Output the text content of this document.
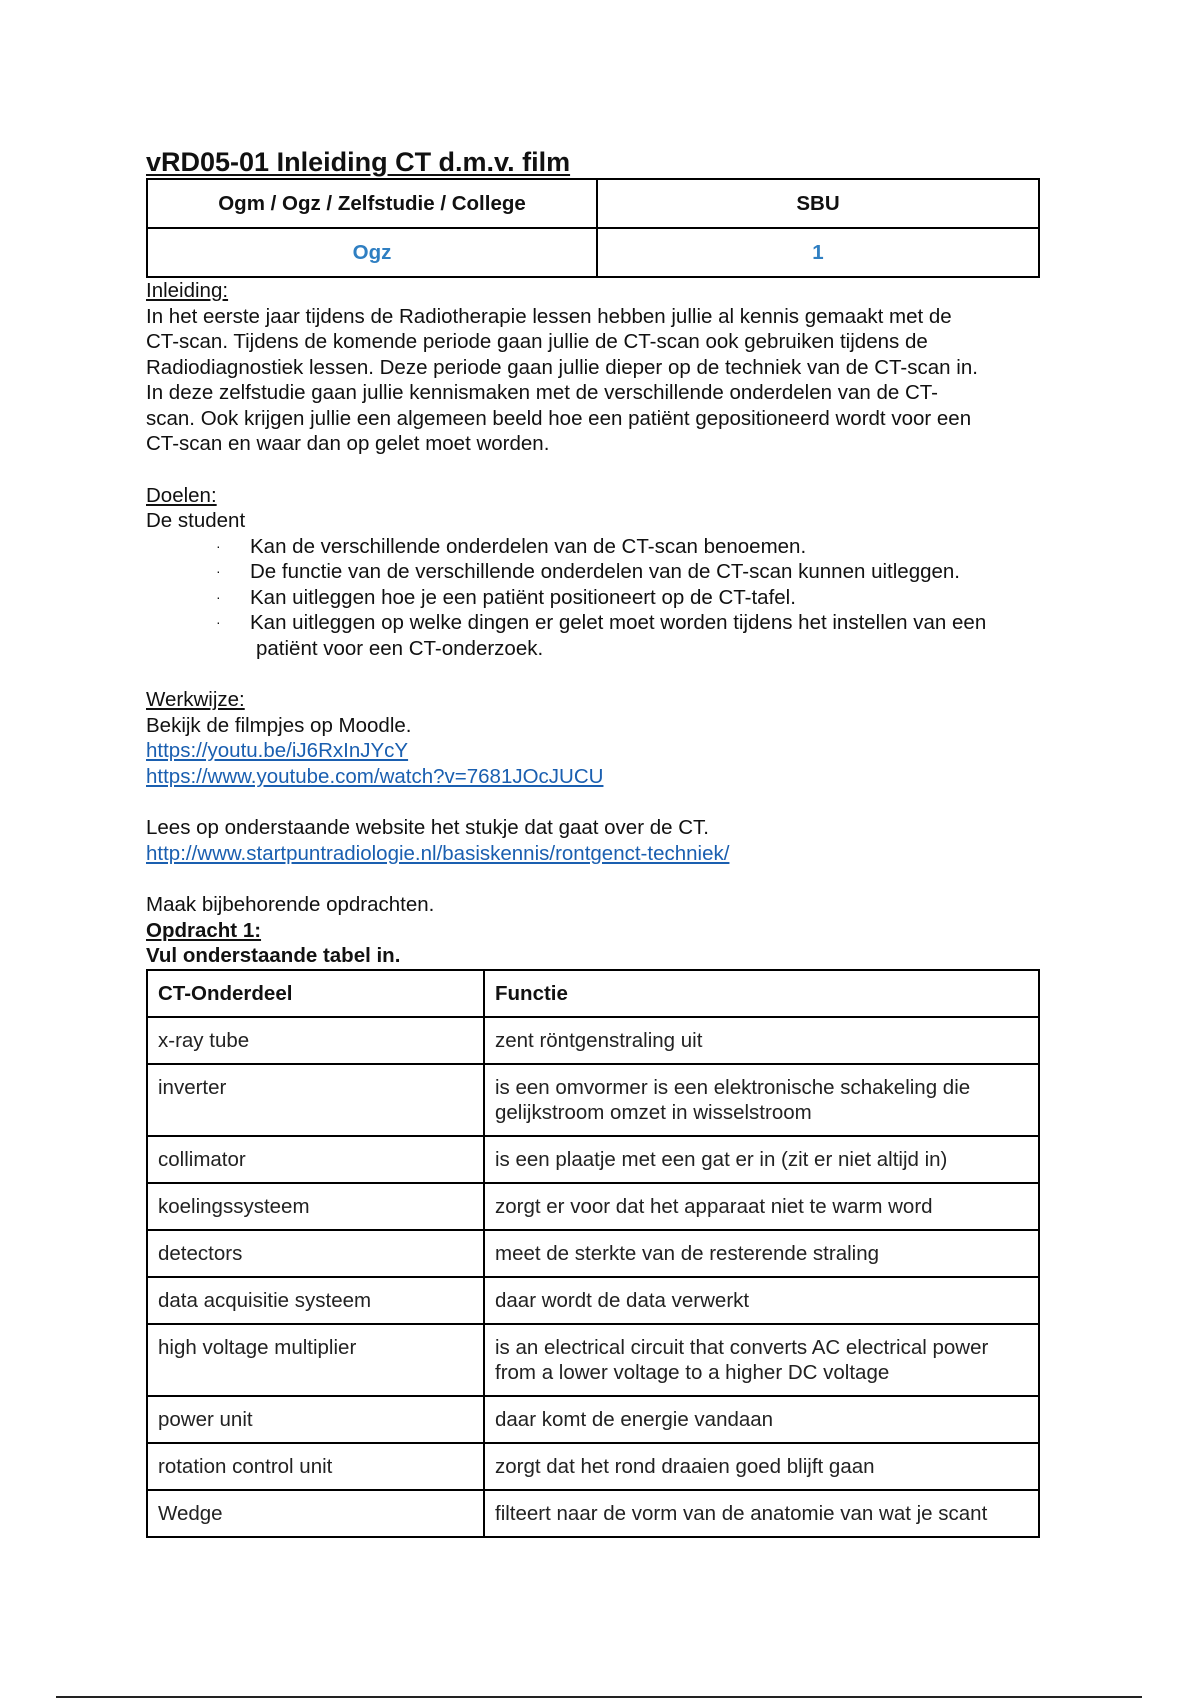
vRD05-01 Inleiding CT d.m.v. film
Ogm / Ogz / Zelfstudie / College	SBU
Ogz	1
Inleiding:
In het eerste jaar tijdens de Radiotherapie lessen hebben jullie al kennis gemaakt met de
CT-scan. Tijdens de komende periode gaan jullie de CT-scan ook gebruiken tijdens de
Radiodiagnostiek lessen. Deze periode gaan jullie dieper op de techniek van de CT-scan in.
In deze zelfstudie gaan jullie kennismaken met de verschillende onderdelen van de CT-
scan. Ook krijgen jullie een algemeen beeld hoe een patiënt gepositioneerd wordt voor een
CT-scan en waar dan op gelet moet worden.
Doelen:
De student
· Kan de verschillende onderdelen van de CT-scan benoemen.
· De functie van de verschillende onderdelen van de CT-scan kunnen uitleggen.
· Kan uitleggen hoe je een patiënt positioneert op de CT-tafel.
· Kan uitleggen op welke dingen er gelet moet worden tijdens het instellen van een
patiënt voor een CT-onderzoek.
Werkwijze:
Bekijk de filmpjes op Moodle.
https://youtu.be/iJ6RxInJYcY
https://www.youtube.com/watch?v=7681JOcJUCU
Lees op onderstaande website het stukje dat gaat over de CT.
http://www.startpuntradiologie.nl/basiskennis/rontgenct-techniek/
Maak bijbehorende opdrachten.
Opdracht 1:
Vul onderstaande tabel in.
CT-Onderdeel	Functie
x-ray tube	zent röntgenstraling uit
inverter	is een omvormer is een elektronische schakeling die gelijkstroom omzet in wisselstroom
collimator	is een plaatje met een gat er in (zit er niet altijd in)
koelingssysteem	zorgt er voor dat het apparaat niet te warm word
detectors	meet de sterkte van de resterende straling
data acquisitie systeem	daar wordt de data verwerkt
high voltage multiplier	is an electrical circuit that converts AC electrical power from a lower voltage to a higher DC voltage
power unit	daar komt de energie vandaan
rotation control unit	zorgt dat het rond draaien goed blijft gaan
Wedge	filteert naar de vorm van de anatomie van wat je scant
